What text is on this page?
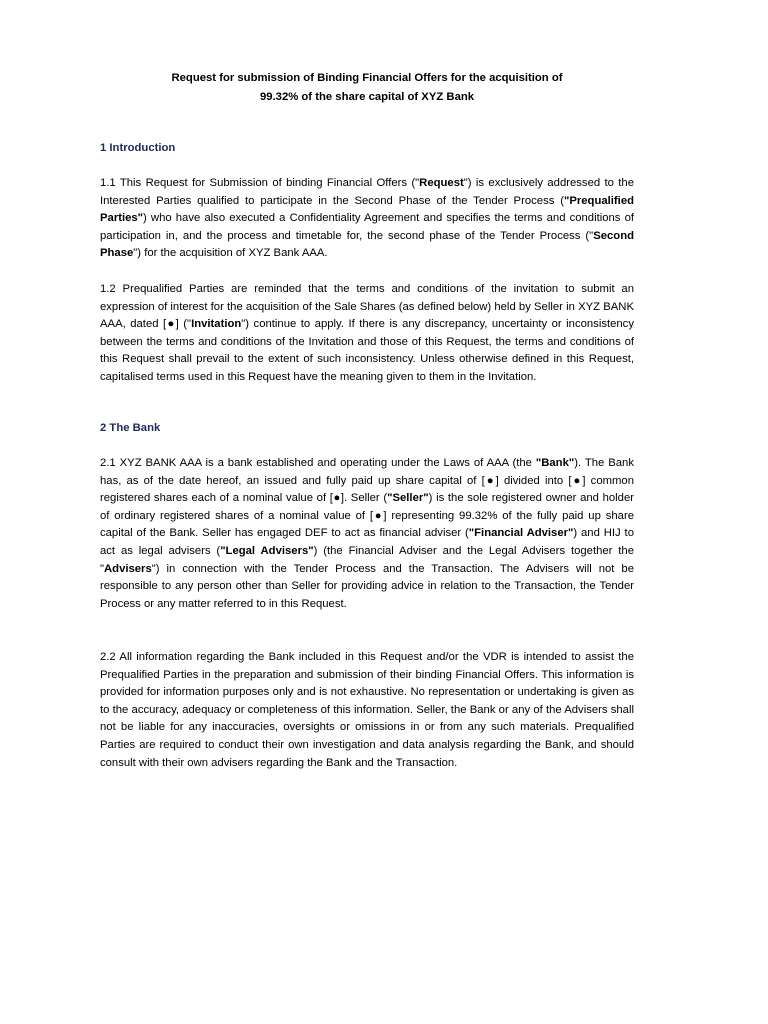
Request for submission of Binding Financial Offers for the acquisition of
99.32% of the share capital of XYZ Bank
1 Introduction
1.1 This Request for Submission of binding Financial Offers ("Request") is exclusively addressed to the Interested Parties qualified to participate in the Second Phase of the Tender Process ("Prequalified Parties") who have also executed a Confidentiality Agreement and specifies the terms and conditions of participation in, and the process and timetable for, the second phase of the Tender Process ("Second Phase") for the acquisition of XYZ Bank AAA.
1.2 Prequalified Parties are reminded that the terms and conditions of the invitation to submit an expression of interest for the acquisition of the Sale Shares (as defined below) held by Seller in XYZ BANK AAA, dated [●] ("Invitation") continue to apply. If there is any discrepancy, uncertainty or inconsistency between the terms and conditions of the Invitation and those of this Request, the terms and conditions of this Request shall prevail to the extent of such inconsistency. Unless otherwise defined in this Request, capitalised terms used in this Request have the meaning given to them in the Invitation.
2 The Bank
2.1 XYZ BANK AAA is a bank established and operating under the Laws of AAA (the "Bank"). The Bank has, as of the date hereof, an issued and fully paid up share capital of [●] divided into [●] common registered shares each of a nominal value of [●]. Seller ("Seller") is the sole registered owner and holder of ordinary registered shares of a nominal value of [●] representing 99.32% of the fully paid up share capital of the Bank. Seller has engaged DEF to act as financial adviser ("Financial Adviser") and HIJ to act as legal advisers ("Legal Advisers") (the Financial Adviser and the Legal Advisers together the "Advisers") in connection with the Tender Process and the Transaction. The Advisers will not be responsible to any person other than Seller for providing advice in relation to the Transaction, the Tender Process or any matter referred to in this Request.
2.2 All information regarding the Bank included in this Request and/or the VDR is intended to assist the Prequalified Parties in the preparation and submission of their binding Financial Offers. This information is provided for information purposes only and is not exhaustive. No representation or undertaking is given as to the accuracy, adequacy or completeness of this information. Seller, the Bank or any of the Advisers shall not be liable for any inaccuracies, oversights or omissions in or from any such materials. Prequalified Parties are required to conduct their own investigation and data analysis regarding the Bank, and should consult with their own advisers regarding the Bank and the Transaction.
